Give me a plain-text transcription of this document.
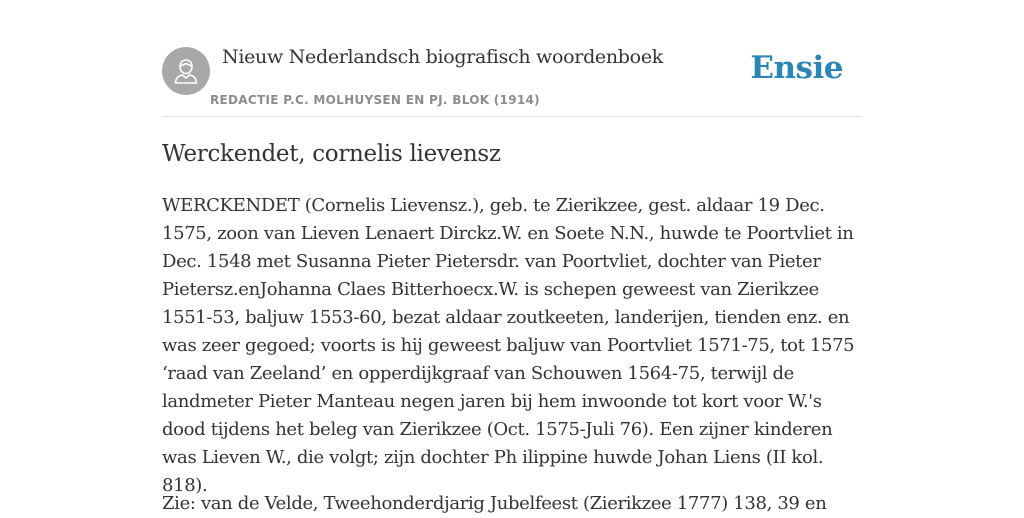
Nieuw Nederlandsch biografisch woordenboek
REDACTIE P.C. MOLHUYSEN EN PJ. BLOK (1914)
Ensie
Werckendet, cornelis lievensz

WERCKENDET (Cornelis Lievensz.), geb. te Zierikzee, gest. aldaar 19 Dec. 1575, zoon van Lieven Lenaert Dirckz.W. en Soete N.N., huwde te Poortvliet in Dec. 1548 met Susanna Pieter Pietersdr. van Poortvliet, dochter van Pieter Pietersz.enJohanna Claes Bitterhoecx.W. is schepen geweest van Zierikzee 1551-53, baljuw 1553-60, bezat aldaar zoutkeeten, landerijen, tienden enz. en was zeer gegoed; voorts is hij geweest baljuw van Poortvliet 1571-75, tot 1575 ‘raad van Zeeland’ en opperdijkgraaf van Schouwen 1564-75, terwijl de landmeter Pieter Manteau negen jaren bij hem inwoonde tot kort voor W.'s dood tijdens het beleg van Zierikzee (Oct. 1575-Juli 76). Een zijner kinderen was Lieven W., die volgt; zijn dochter Ph ilippine huwde Johan Liens (II kol. 818).

Zie: van de Velde, Tweehonderdjarig Jubelfeest (Zierikzee 1777) 138, 39 en
